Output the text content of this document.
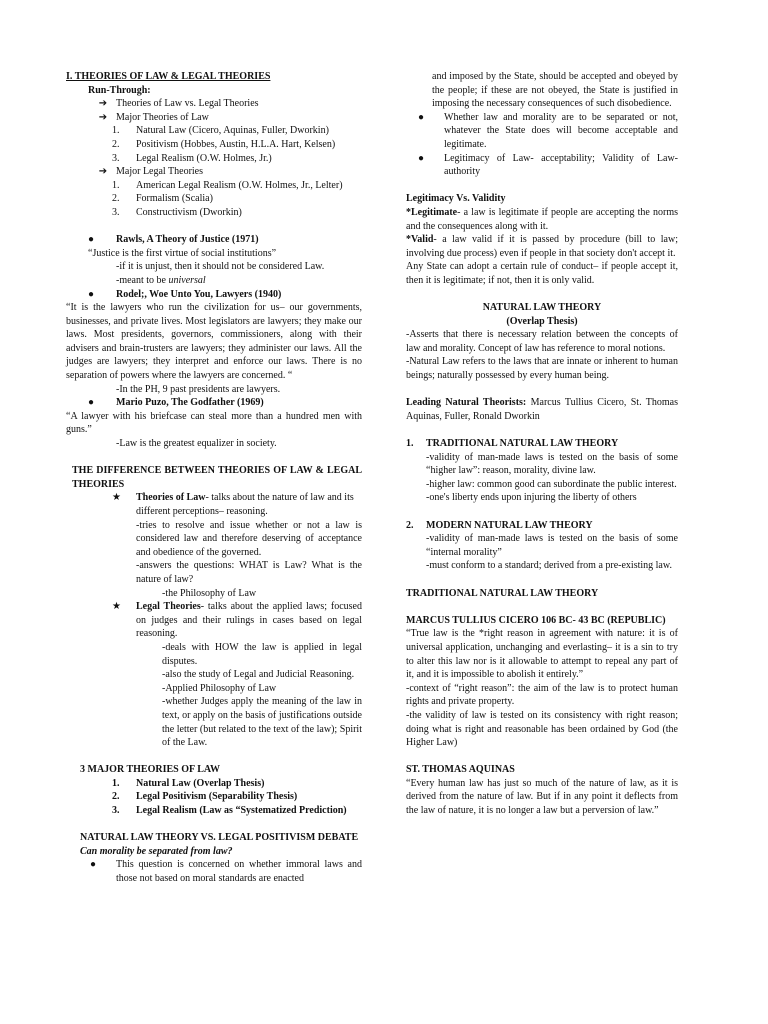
I. THEORIES OF LAW & LEGAL THEORIES

Run-Through:

➔ Theories of Law vs. Legal Theories
➔ Major Theories of Law
1.	Natural Law (Cicero, Aquinas, Fuller, Dworkin)
2.	Positivism (Hobbes, Austin, H.L.A. Hart, Kelsen)
3.	Legal Realism (O.W. Holmes, Jr.)
➔ Major Legal Theories
1.	American Legal Realism (O.W. Holmes, Jr., Lelter)
2.	Formalism (Scalia)
3.	Constructivism (Dworkin)
●	Rawls, A Theory of Justice (1971)

“Justice is the first virtue of social institutions”

-if it is unjust, then it should not be considered Law.

-meant to be universal

●	Rodel;, Woe Unto You, Lawyers (1940)

“It is the lawyers who run the civilization for us– our governments, businesses, and private lives. Most legislators are lawyers; they make our laws. Most presidents, governors, commissioners, along with their advisers and brain-trusters are lawyers; they administer our laws. All the judges are lawyers; they interpret and enforce our laws. There is no separation of powers where the lawyers are concerned. “

-In the PH, 9 past presidents are lawyers.

●	Mario Puzo, The Godfather (1969)

“A lawyer with his briefcase can steal more than a hundred men with guns.”

-Law is the greatest equalizer in society.

THE DIFFERENCE BETWEEN THEORIES OF LAW & LEGAL THEORIES

★	Theories of Law- talks about the nature of law and its different perceptions– reasoning.

-tries to resolve and issue whether or not a law is considered law and therefore deserving of acceptance and obedience of the governed.

-answers the questions: WHAT is Law? What is the nature of law?

-the Philosophy of Law

★	Legal Theories- talks about the applied laws; focused on judges and their rulings in cases based on legal reasoning.

-deals with HOW the law is applied in legal disputes.

-also the study of Legal and Judicial Reasoning.

-Applied Philosophy of Law

-whether Judges apply the meaning of the law in text, or apply on the basis of justifications outside the letter (but related to the text of the law); Spirit of the Law.

3 MAJOR THEORIES OF LAW

1.	Natural Law (Overlap Thesis)
2.	Legal Positivism (Separability Thesis)
3.	Legal Realism (Law as “Systematized Prediction)

NATURAL LAW THEORY VS. LEGAL POSITIVISM DEBATE

Can morality be separated from law?

●	This question is concerned on whether immoral laws and those not based on moral standards are enacted

and imposed by the State, should be accepted and obeyed by the people; if these are not obeyed, the State is justified in imposing the necessary consequences of such disobedience.

●	Whether law and morality are to be separated or not, whatever the State does will become acceptable and legitimate.
●	Legitimacy of Law- acceptability; Validity of Law- authority

Legitimacy Vs. Validity

*Legitimate- a law is legitimate if people are accepting the norms and the consequences along with it.

*Valid- a law valid if it is passed by procedure (bill to law; involving due process) even if people in that society don't accept it.

Any State can adopt a certain rule of conduct– if people accept it, then it is legitimate; if not, then it is only valid.

NATURAL LAW THEORY

(Overlap Thesis)

-Asserts that there is necessary relation between the concepts of law and morality. Concept of law has reference to moral notions.

-Natural Law refers to the laws that are innate or inherent to human beings; naturally possessed by every human being.

Leading Natural Theorists: Marcus Tullius Cicero, St. Thomas Aquinas, Fuller, Ronald Dworkin

1.	TRADITIONAL NATURAL LAW THEORY

-validity of man-made laws is tested on the basis of some “higher law”: reason, morality, divine law.

-higher law: common good can subordinate the public interest.

-one's liberty ends upon injuring the liberty of others

2.	MODERN NATURAL LAW THEORY

-validity of man-made laws is tested on the basis of some “internal morality”

-must conform to a standard; derived from a pre-existing law.

TRADITIONAL NATURAL LAW THEORY

MARCUS TULLIUS CICERO 106 BC- 43 BC (REPUBLIC)

“True law is the *right reason in agreement with nature: it is of universal application, unchanging and everlasting– it is a sin to try to alter this law nor is it allowable to attempt to repeal any part of it, and it is impossible to abolish it entirely.”

-context of “right reason”: the aim of the law is to protect human rights and private property.

-the validity of law is tested on its consistency with right reason; doing what is right and reasonable has been ordained by God (the Higher Law)

ST. THOMAS AQUINAS

“Every human law has just so much of the nature of law, as it is derived from the nature of law. But if in any point it deflects from the law of nature, it is no longer a law but a perversion of law.”
